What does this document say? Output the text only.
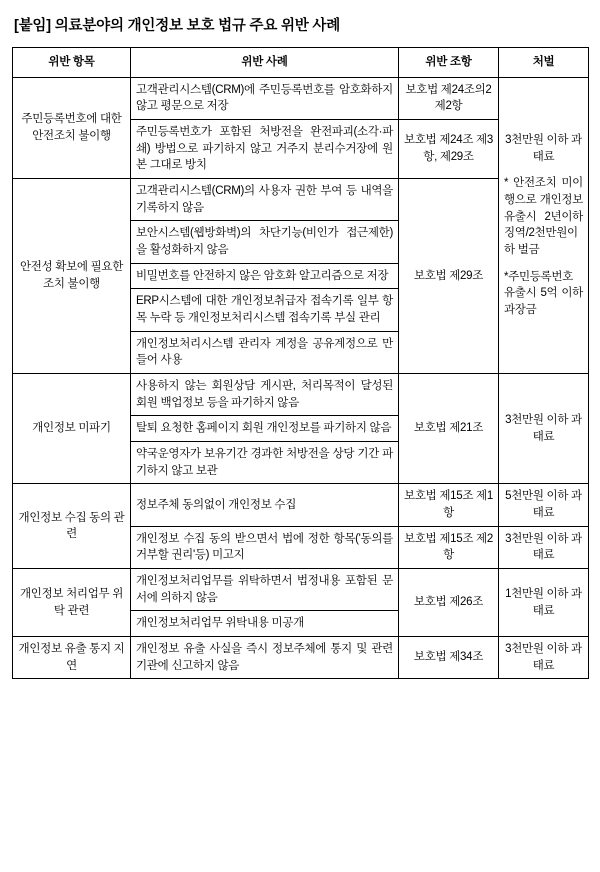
[붙임] 의료분야의 개인정보 보호 법규 주요 위반 사례
위반 항목	위반 사례	위반 조항	처벌
주민등록번호에 대한 안전조치 불이행	고객관리시스템(CRM)에 주민등록번호를 암호화하지 않고 평문으로 저장	보호법 제24조의2 제2항	3천만원 이하 과태료
* 안전조치 미이행으로 개인정보 유출시 2년이하 징역/2천만원이하 벌금
*주민등록번호 유출시 5억 이하 과장금

	주민등록번호가 포함된 처방전을 완전파괴(소각·파쇄) 방법으로 파기하지 않고 거주지 분리수거장에 원본 그대로 방치	보호법 제24조 제3항, 제29조	
안전성 확보에 필요한 조치 불이행	고객관리시스템(CRM)의 사용자 권한 부여 등 내역을 기록하지 않음	보호법 제29조	
	보안시스템(웹방화벽)의 차단기능(비인가 접근제한)을 활성화하지 않음		
	비밀번호를 안전하지 않은 암호화 알고리즘으로 저장		
	ERP시스템에 대한 개인정보취급자 접속기록 일부 항목 누락 등 개인정보처리시스템 접속기록 부실 관리		
	개인정보처리시스템 관리자 계정을 공유계정으로 만들어 사용		
개인정보 미파기	사용하지 않는 회원상담 게시판, 처리목적이 달성된 회원 백업정보 등을 파기하지 않음	보호법 제21조	3천만원 이하 과태료
	탈퇴 요청한 홈페이지 회원 개인정보를 파기하지 않음		
	약국운영자가 보유기간 경과한 처방전을 상당 기간 파기하지 않고 보관		
개인정보 수집 동의 관련	정보주체 동의없이 개인정보 수집	보호법 제15조 제1항	5천만원 이하 과태료
	개인정보 수집 동의 받으면서 법에 정한 항목('동의를 거부할 권리'등) 미고지	보호법 제15조 제2항	3천만원 이하 과태료
개인정보 처리업무 위탁 관련	개인정보처리업무를 위탁하면서 법정내용 포함된 문서에 의하지 않음	보호법 제26조	1천만원 이하 과태료
	개인정보처리업무 위탁내용 미공개		
개인정보 유출 통지 지연	개인정보 유출 사실을 즉시 정보주체에 통지 및 관련기관에 신고하지 않음	보호법 제34조	3천만원 이하 과태료
